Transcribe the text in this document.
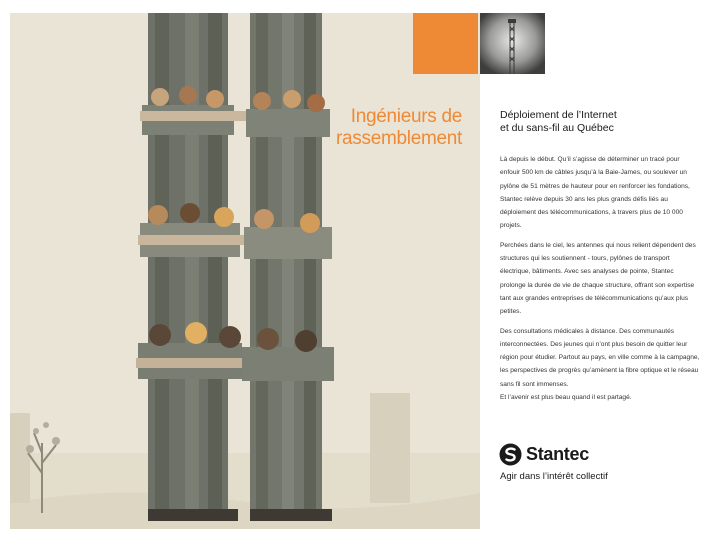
Ingénieurs de
rassemblement
Déploiement de l’Internet
et du sans-fil au Québec

Là depuis le début. Qu’il s’agisse de déterminer un tracé pour enfouir 500 km de câbles jusqu’à la Baie-James, ou soulever un pylône de 51 mètres de hauteur pour en renforcer les fondations, Stantec relève depuis 30 ans les plus grands défis liés au déploiement des télécommunications, à travers plus de 10 000 projets.

Perchées dans le ciel, les antennes qui nous relient dépendent des structures qui les soutiennent - tours, pylônes de transport électrique, bâtiments. Avec ses analyses de pointe, Stantec prolonge la durée de vie de chaque structure, offrant son expertise tant aux grandes entreprises de télécommunications qu’aux plus petites.

Des consultations médicales à distance. Des communautés interconnectées. Des jeunes qui n’ont plus besoin de quitter leur région pour étudier. Partout au pays, en ville comme à la campagne, les perspectives de progrès qu’amènent la fibre optique et le réseau sans fil sont immenses.

Et l’avenir est plus beau quand il est partagé.

Stantec
Agir dans l’intérêt collectif
